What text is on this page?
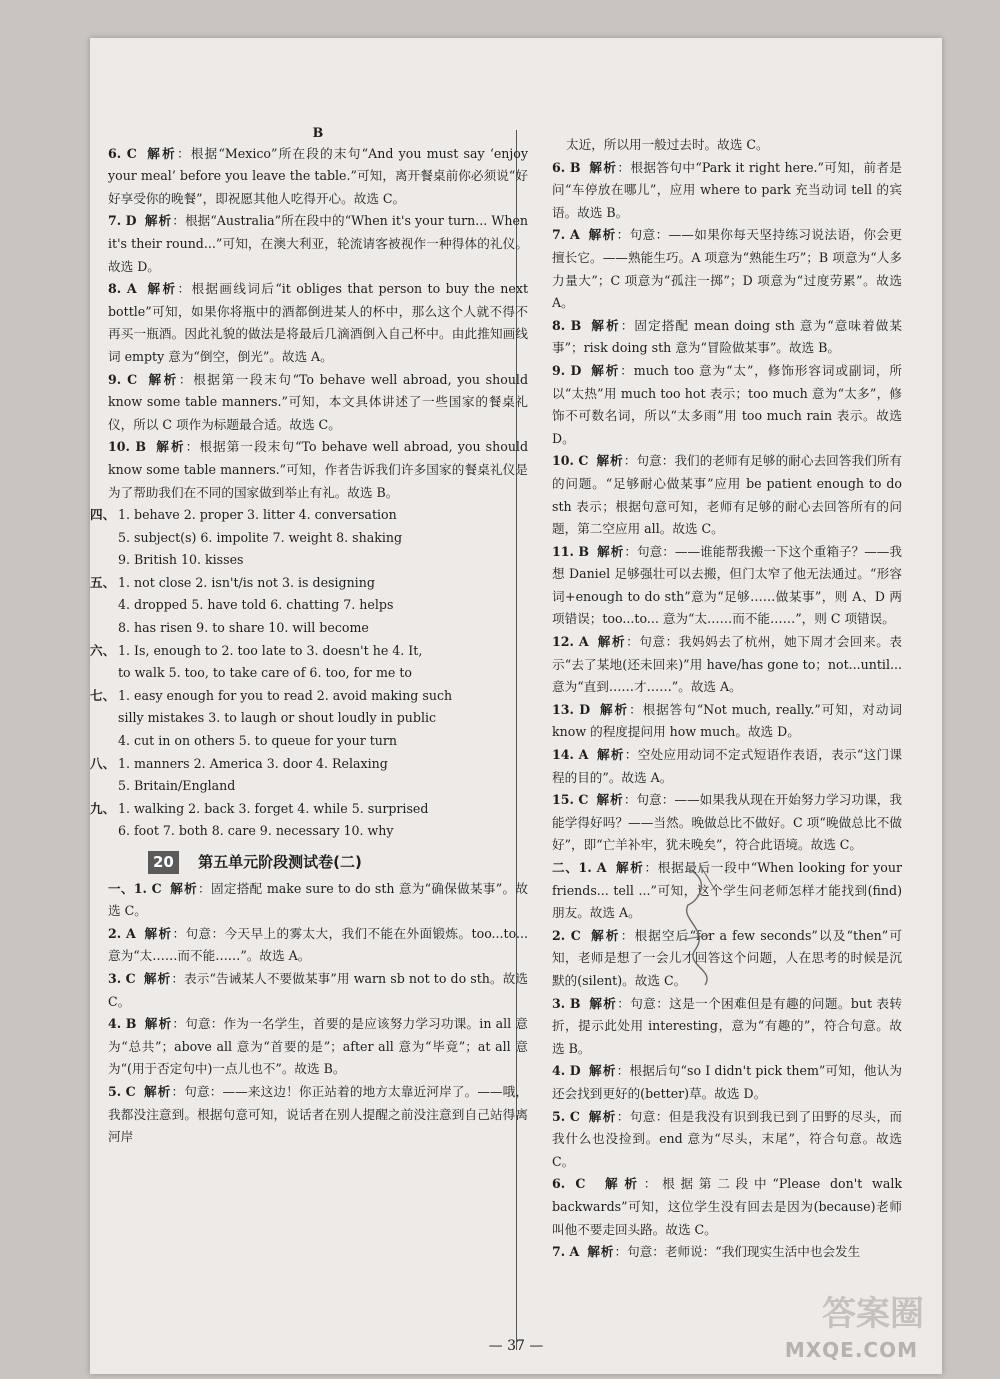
B

6. C 解析：根据“Mexico”所在段的末句“And you must say ‘enjoy your meal’ before you leave the table.”可知，离开餐桌前你必须说“好好享受你的晚餐”，即祝愿其他人吃得开心。故选 C。

7. D 解析：根据“Australia”所在段中的“When it's your turn... When it's their round...”可知，在澳大利亚，轮流请客被视作一种得体的礼仪。故选 D。

8. A 解析：根据画线词后“it obliges that person to buy the next bottle”可知，如果你将瓶中的酒都倒进某人的杯中，那么这个人就不得不再买一瓶酒。因此礼貌的做法是将最后几滴酒倒入自己杯中。由此推知画线词 empty 意为“倒空，倒光”。故选 A。

9. C 解析：根据第一段末句“To behave well abroad, you should know some table manners.”可知，本文具体讲述了一些国家的餐桌礼仪，所以 C 项作为标题最合适。故选 C。

10. B 解析：根据第一段末句“To behave well abroad, you should know some table manners.”可知，作者告诉我们许多国家的餐桌礼仪是为了帮助我们在不同的国家做到举止有礼。故选 B。

四、 1. behave 2. proper 3. litter 4. conversation

5. subject(s) 6. impolite 7. weight 8. shaking

9. British 10. kisses

五、 1. not close 2. isn't/is not 3. is designing

4. dropped 5. have told 6. chatting 7. helps

8. has risen 9. to share 10. will become

六、 1. Is, enough to 2. too late to 3. doesn't he 4. It,

to walk 5. too, to take care of 6. too, for me to

七、 1. easy enough for you to read 2. avoid making such

silly mistakes 3. to laugh or shout loudly in public

4. cut in on others 5. to queue for your turn

八、 1. manners 2. America 3. door 4. Relaxing

5. Britain/England

九、 1. walking 2. back 3. forget 4. while 5. surprised

6. foot 7. both 8. care 9. necessary 10. why

20 第五单元阶段测试卷(二)

一、1. C 解析：固定搭配 make sure to do sth 意为“确保做某事”。故选 C。

2. A 解析：句意：今天早上的雾太大，我们不能在外面锻炼。too...to... 意为“太……而不能……”。故选 A。

3. C 解析：表示“告诫某人不要做某事”用 warn sb not to do sth。故选 C。

4. B 解析：句意：作为一名学生，首要的是应该努力学习功课。in all 意为“总共”；above all 意为“首要的是”；after all 意为“毕竟”；at all 意为“(用于否定句中)一点儿也不”。故选 B。

5. C 解析：句意：——来这边！你正站着的地方太靠近河岸了。——哦，我都没注意到。根据句意可知，说话者在别人提醒之前没注意到自己站得离河岸

太近，所以用一般过去时。故选 C。

6. B 解析：根据答句中“Park it right here.”可知，前者是问“车停放在哪儿”，应用 where to park 充当动词 tell 的宾语。故选 B。

7. A 解析：句意：——如果你每天坚持练习说法语，你会更擅长它。——熟能生巧。A 项意为“熟能生巧”；B 项意为“人多力量大”；C 项意为“孤注一掷”；D 项意为“过度劳累”。故选 A。

8. B 解析：固定搭配 mean doing sth 意为“意味着做某事”；risk doing sth 意为“冒险做某事”。故选 B。

9. D 解析：much too 意为“太”，修饰形容词或副词，所以“太热”用 much too hot 表示；too much 意为“太多”，修饰不可数名词，所以“太多雨”用 too much rain 表示。故选 D。

10. C 解析：句意：我们的老师有足够的耐心去回答我们所有的问题。“足够耐心做某事”应用 be patient enough to do sth 表示；根据句意可知，老师有足够的耐心去回答所有的问题，第二空应用 all。故选 C。

11. B 解析：句意：——谁能帮我搬一下这个重箱子？——我想 Daniel 足够强壮可以去搬，但门太窄了他无法通过。“形容词+enough to do sth”意为“足够……做某事”，则 A、D 两项错误；too...to... 意为“太……而不能……”，则 C 项错误。

12. A 解析：句意：我妈妈去了杭州，她下周才会回来。表示“去了某地(还未回来)”用 have/has gone to；not...until... 意为“直到……才……”。故选 A。

13. D 解析：根据答句“Not much, really.”可知，对动词 know 的程度提问用 how much。故选 D。

14. A 解析：空处应用动词不定式短语作表语，表示“这门课程的目的”。故选 A。

15. C 解析：句意：——如果我从现在开始努力学习功课，我能学得好吗？——当然。晚做总比不做好。C 项“晚做总比不做好”，即“亡羊补牢，犹未晚矣”，符合此语境。故选 C。

二、1. A 解析：根据最后一段中“When looking for your friends... tell ...”可知，这个学生问老师怎样才能找到(find)朋友。故选 A。

2. C 解析：根据空后“for a few seconds”以及“then”可知，老师是想了一会儿才回答这个问题，人在思考的时候是沉默的(silent)。故选 C。

3. B 解析：句意：这是一个困难但是有趣的问题。but 表转折，提示此处用 interesting，意为“有趣的”，符合句意。故选 B。

4. D 解析：根据后句“so I didn't pick them”可知，他认为还会找到更好的(better)草。故选 D。

5. C 解析：句意：但是我没有识到我已到了田野的尽头，而我什么也没捡到。end 意为“尽头，末尾”，符合句意。故选 C。

6. C 解析：根据第二段中“Please don't walk backwards”可知，这位学生没有回去是因为(because)老师叫他不要走回头路。故选 C。

7. A 解析：句意：老师说：“我们现实生活中也会发生

— 37 —
答案圈
MXQE.COM
